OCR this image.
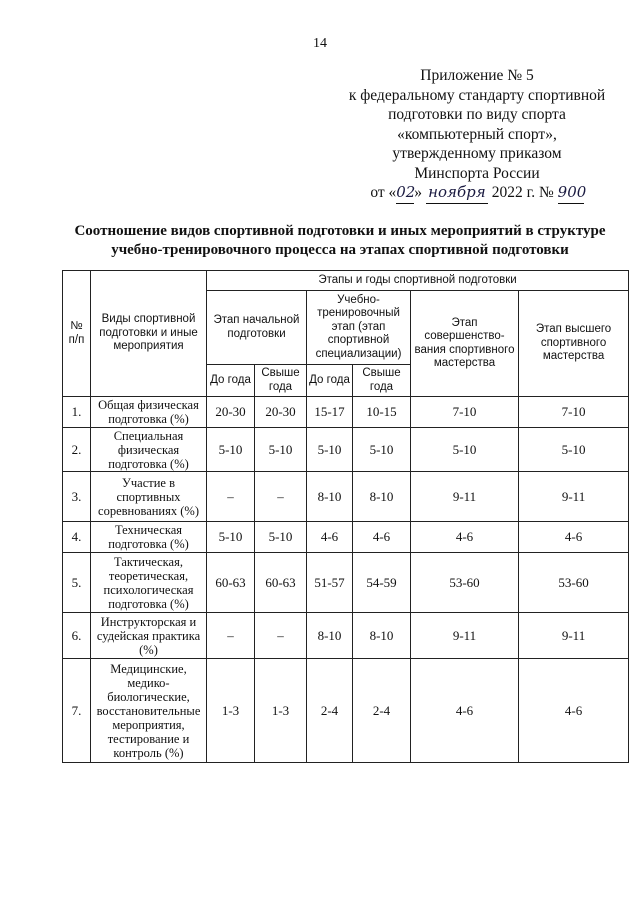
14
Приложение № 5
к федеральному стандарту спортивной
подготовки по виду спорта
«компьютерный спорт»,
утвержденному приказом
Минспорта России
от «02» ноября 2022 г. № 900
Соотношение видов спортивной подготовки и иных мероприятий в структуре
учебно-тренировочного процесса на этапах спортивной подготовки
№ п/п	Виды спортивной подготовки и иные мероприятия	Этапы и годы спортивной подготовки					
		Этап начальной подготовки		Учебно-тренировочный этап (этап спортивной специализации)		Этап совершенство-вания спортивного мастерства	Этап высшего спортивного мастерства
		До года	Свыше года	До года	Свыше года		
1.	Общая физическая подготовка (%)	20-30	20-30	15-17	10-15	7-10	7-10
2.	Специальная физическая подготовка (%)	5-10	5-10	5-10	5-10	5-10	5-10
3.	Участие в спортивных соревнованиях (%)	–	–	8-10	8-10	9-11	9-11
4.	Техническая подготовка (%)	5-10	5-10	4-6	4-6	4-6	4-6
5.	Тактическая, теоретическая, психологическая подготовка (%)	60-63	60-63	51-57	54-59	53-60	53-60
6.	Инструкторская и судейская практика (%)	–	–	8-10	8-10	9-11	9-11
7.	Медицинские, медико-биологические, восстановительные мероприятия, тестирование и контроль (%)	1-3	1-3	2-4	2-4	4-6	4-6
